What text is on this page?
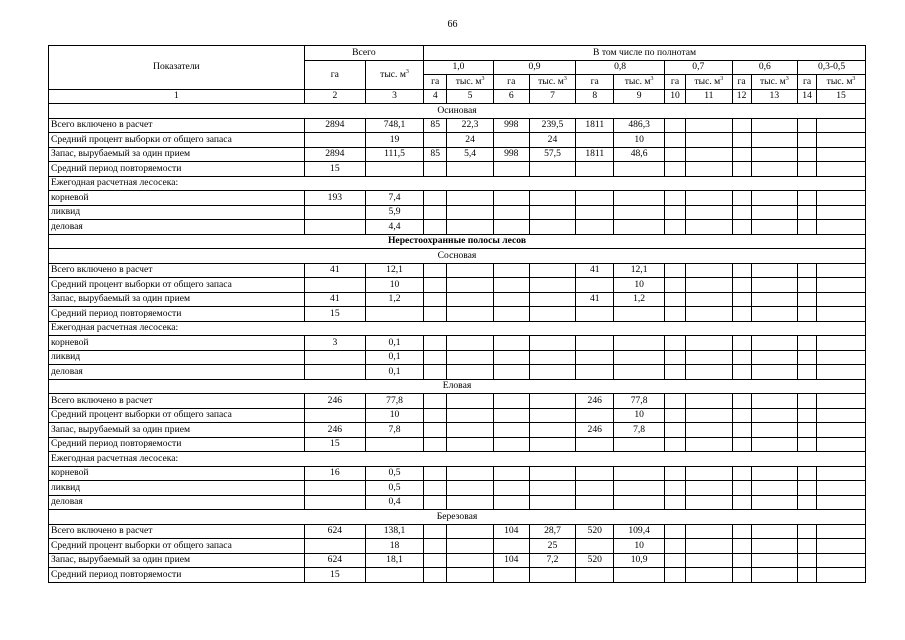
66
Показатели	Всего		В том числе по полнотам											
	га	тыс. $м^3$	1,0		0,9		0,8		0,7		0,6		0,3-0,5	
			га	тыс. $м^3$	га	тыс. $м^3$	га	тыс. $м^3$	га	тыс. $м^3$	га	тыс. $м^3$	га	тыс. $м^3$
1	2	3	4	5	6	7	8	9	10	11	12	13	14	15
Осиновая														
Всего включено в расчет	2894	748,1	85	22,3	998	239,5	1811	486,3						
Средний процент выборки от общего запаса		19		24		24		10						
Запас, вырубаемый за один прием	2894	111,5	85	5,4	998	57,5	1811	48,6						
Средний период повторяемости	15													
Ежегодная расчетная лесосека:														
корневой	193	7,4												
ликвид		5,9												
деловая		4,4												
Нерестоохранные полосы лесов														
Сосновая														
Всего включено в расчет	41	12,1					41	12,1						
Средний процент выборки от общего запаса		10						10						
Запас, вырубаемый за один прием	41	1,2					41	1,2						
Средний период повторяемости	15													
Ежегодная расчетная лесосека:														
корневой	3	0,1												
ликвид		0,1												
деловая		0,1												
Еловая														
Всего включено в расчет	246	77,8					246	77,8						
Средний процент выборки от общего запаса		10						10						
Запас, вырубаемый за один прием	246	7,8					246	7,8						
Средний период повторяемости	15													
Ежегодная расчетная лесосека:														
корневой	16	0,5												
ликвид		0,5												
деловая		0,4												
Березовая														
Всего включено в расчет	624	138,1			104	28,7	520	109,4						
Средний процент выборки от общего запаса		18				25		10						
Запас, вырубаемый за один прием	624	18,1			104	7,2	520	10,9						
Средний период повторяемости	15													
